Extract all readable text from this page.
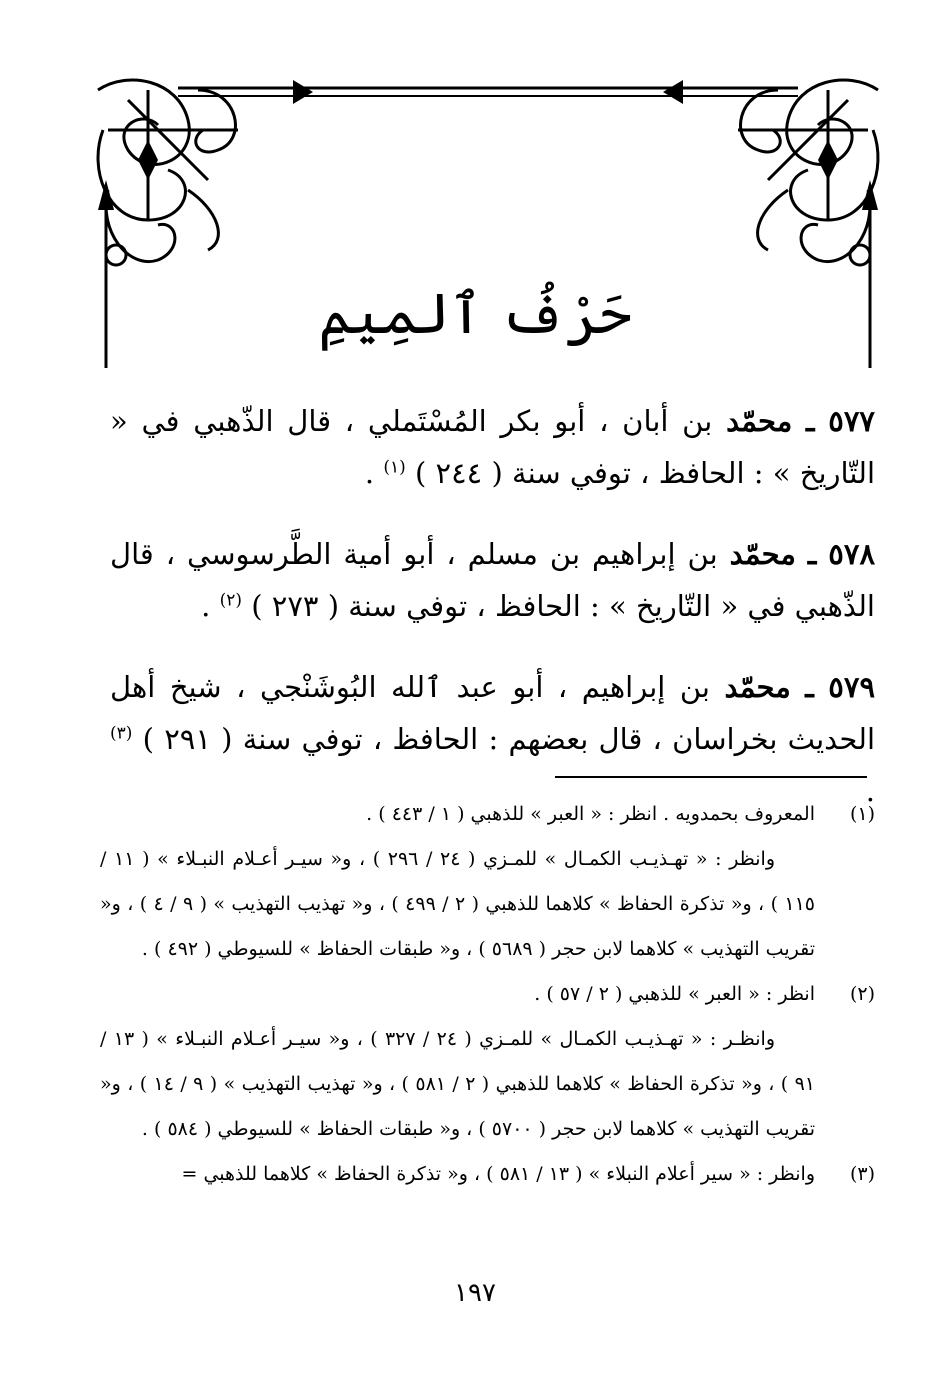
حَرْفُ ٱلمِيمِ

٥٧٧ ـ محمّد بن أبان ، أبو بكر المُسْتَملي ، قال الذّهبي في « التّاريخ » : الحافظ ، توفي سنة ( ٢٤٤ ) $^{(١)}$ .

٥٧٨ ـ محمّد بن إبراهيم بن مسلم ، أبو أمية الطَّرسوسي ، قال الذّهبي في « التّاريخ » : الحافظ ، توفي سنة ( ٢٧٣ ) $^{(٢)}$ .

٥٧٩ ـ محمّد بن إبراهيم ، أبو عبد ٱلله البُوشَنْجي ، شيخ أهل الحديث بخراسان ، قال بعضهم : الحافظ ، توفي سنة ( ٢٩١ ) $^{(٣)}$ .

(١)
المعروف بحمدويه . انظر : « العبر » للذهبي ( ١ / ٤٤٣ ) .
وانظر : « تهـذيـب الكمـال » للمـزي ( ٢٤ / ٢٩٦ ) ، و« سيـر أعـلام النبـلاء » ( ١١ / ١١٥ ) ، و« تذكرة الحفاظ » كلاهما للذهبي ( ٢ / ٤٩٩ ) ، و« تهذيب التهذيب » ( ٩ / ٤ ) ، و« تقريب التهذيب » كلاهما لابن حجر ( ٥٦٨٩ ) ، و« طبقات الحفاظ » للسيوطي ( ٤٩٢ ) .
(٢)
انظر : « العبر » للذهبي ( ٢ / ٥٧ ) .
وانظـر : « تهـذيـب الكمـال » للمـزي ( ٢٤ / ٣٢٧ ) ، و« سيـر أعـلام النبـلاء » ( ١٣ / ٩١ ) ، و« تذكرة الحفاظ » كلاهما للذهبي ( ٢ / ٥٨١ ) ، و« تهذيب التهذيب » ( ٩ / ١٤ ) ، و« تقريب التهذيب » كلاهما لابن حجر ( ٥٧٠٠ ) ، و« طبقات الحفاظ » للسيوطي ( ٥٨٤ ) .
(٣)
وانظر : « سير أعلام النبلاء » ( ١٣ / ٥٨١ ) ، و« تذكرة الحفاظ » كلاهما للذهبي =
١٩٧
